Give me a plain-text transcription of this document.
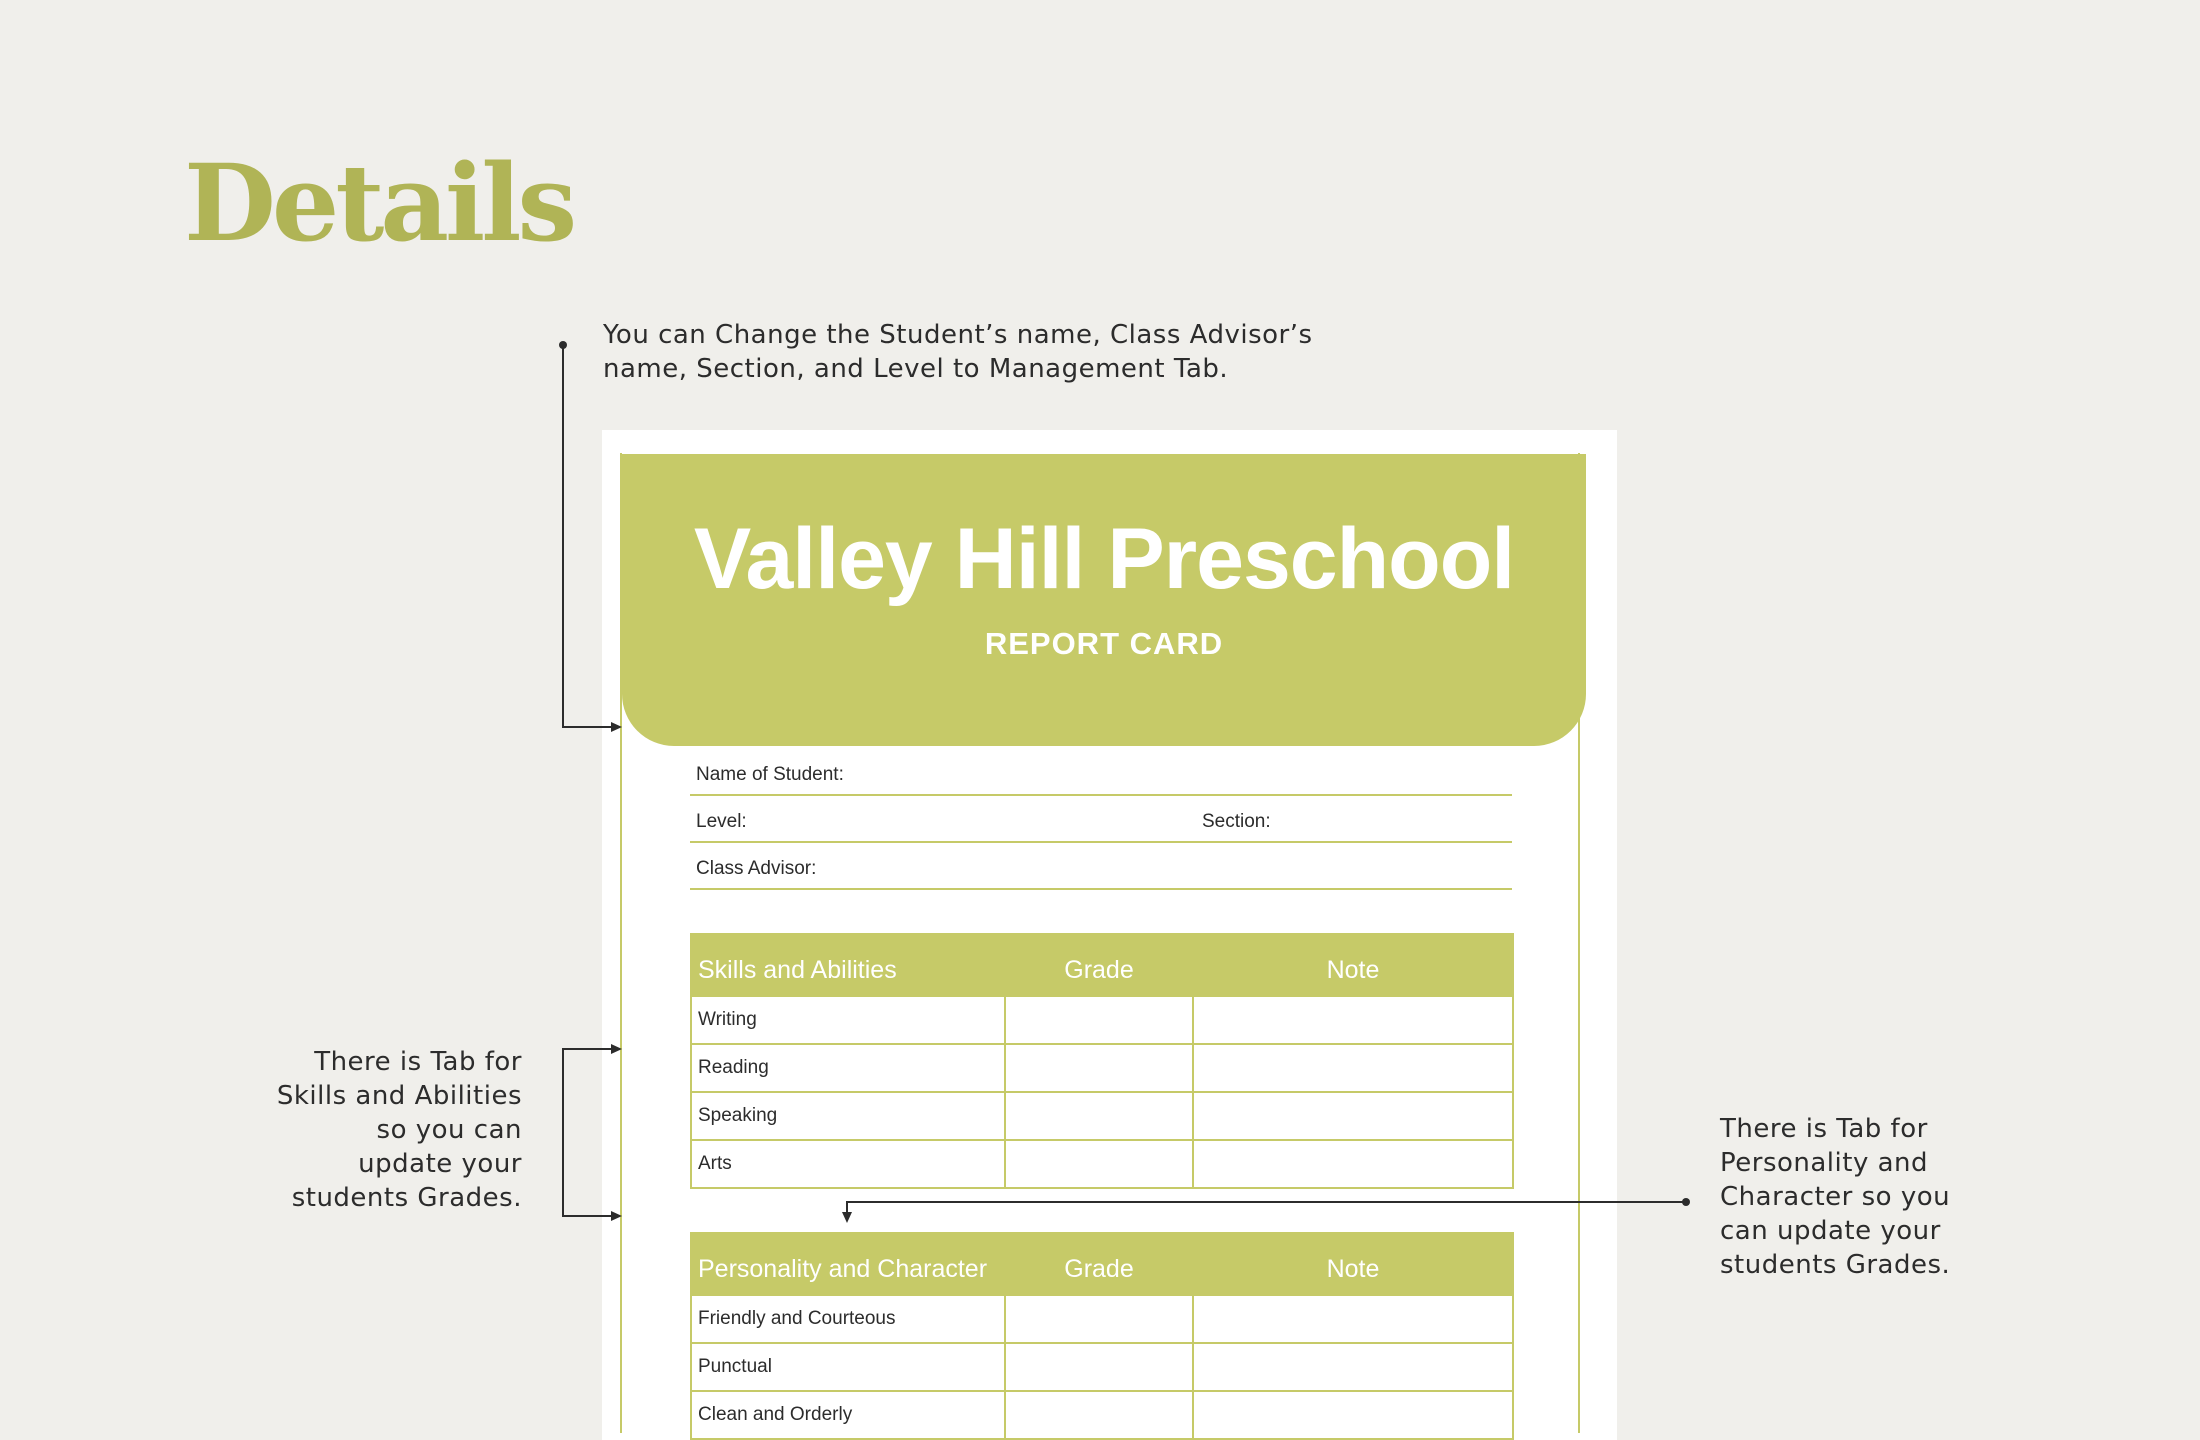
Details
You can Change the Student’s name, Class Advisor’s name, Section, and Level to Management Tab.
There is Tab for
Skills and Abilities
so you can
update your
students Grades.
There is Tab for
Personality and
Character so you
can update your
students Grades.
Valley Hill Preschool

REPORT CARD

Name of Student:
Level:	Section:
Class Advisor:
Skills and Abilities	Grade	Note
Writing		
Reading		
Speaking		
Arts		
Personality and Character	Grade	Note
Friendly and Courteous		
Punctual		
Clean and Orderly		
